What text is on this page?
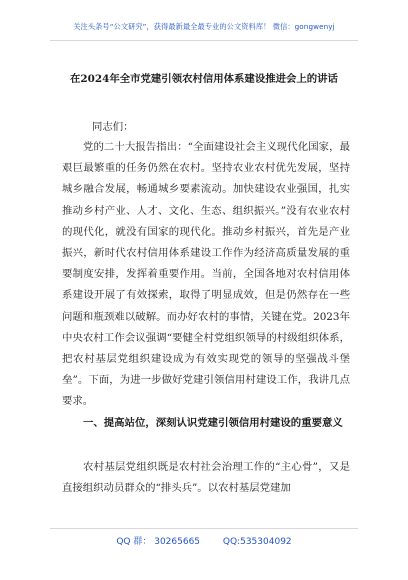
关注头条号“公文研究”，获得最新最全最专业的公文资料库！ 微信：gongwenyj
在2024年全市党建引领农村信用体系建设推进会上的讲话
同志们：
党的二十大报告指出：“全面建设社会主义现代化国家，最艰巨最繁重的任务仍然在农村。坚持农业农村优先发展，坚持城乡融合发展，畅通城乡要素流动。加快建设农业强国，扎实推动乡村产业、人才、文化、生态、组织振兴。”没有农业农村的现代化，就没有国家的现代化。推动乡村振兴，首先是产业振兴，新时代农村信用体系建设工作作为经济高质量发展的重要制度安排，发挥着重要作用。当前，全国各地对农村信用体系建设开展了有效探索，取得了明显成效，但是仍然存在一些问题和瓶颈难以破解。而办好农村的事情，关键在党。2023年中央农村工作会议强调“要健全村党组织领导的村级组织体系，把农村基层党组织建设成为有效实现党的领导的坚强战斗堡垒”。下面，为进一步做好党建引领信用村建设工作，我讲几点要求。
一、提高站位，深刻认识党建引领信用村建设的重要意义
农村基层党组织既是农村社会治理工作的“主心骨”，又是直接组织动员群众的“排头兵”。以农村基层党建加
QQ 群： 30265665	QQ:535304092
